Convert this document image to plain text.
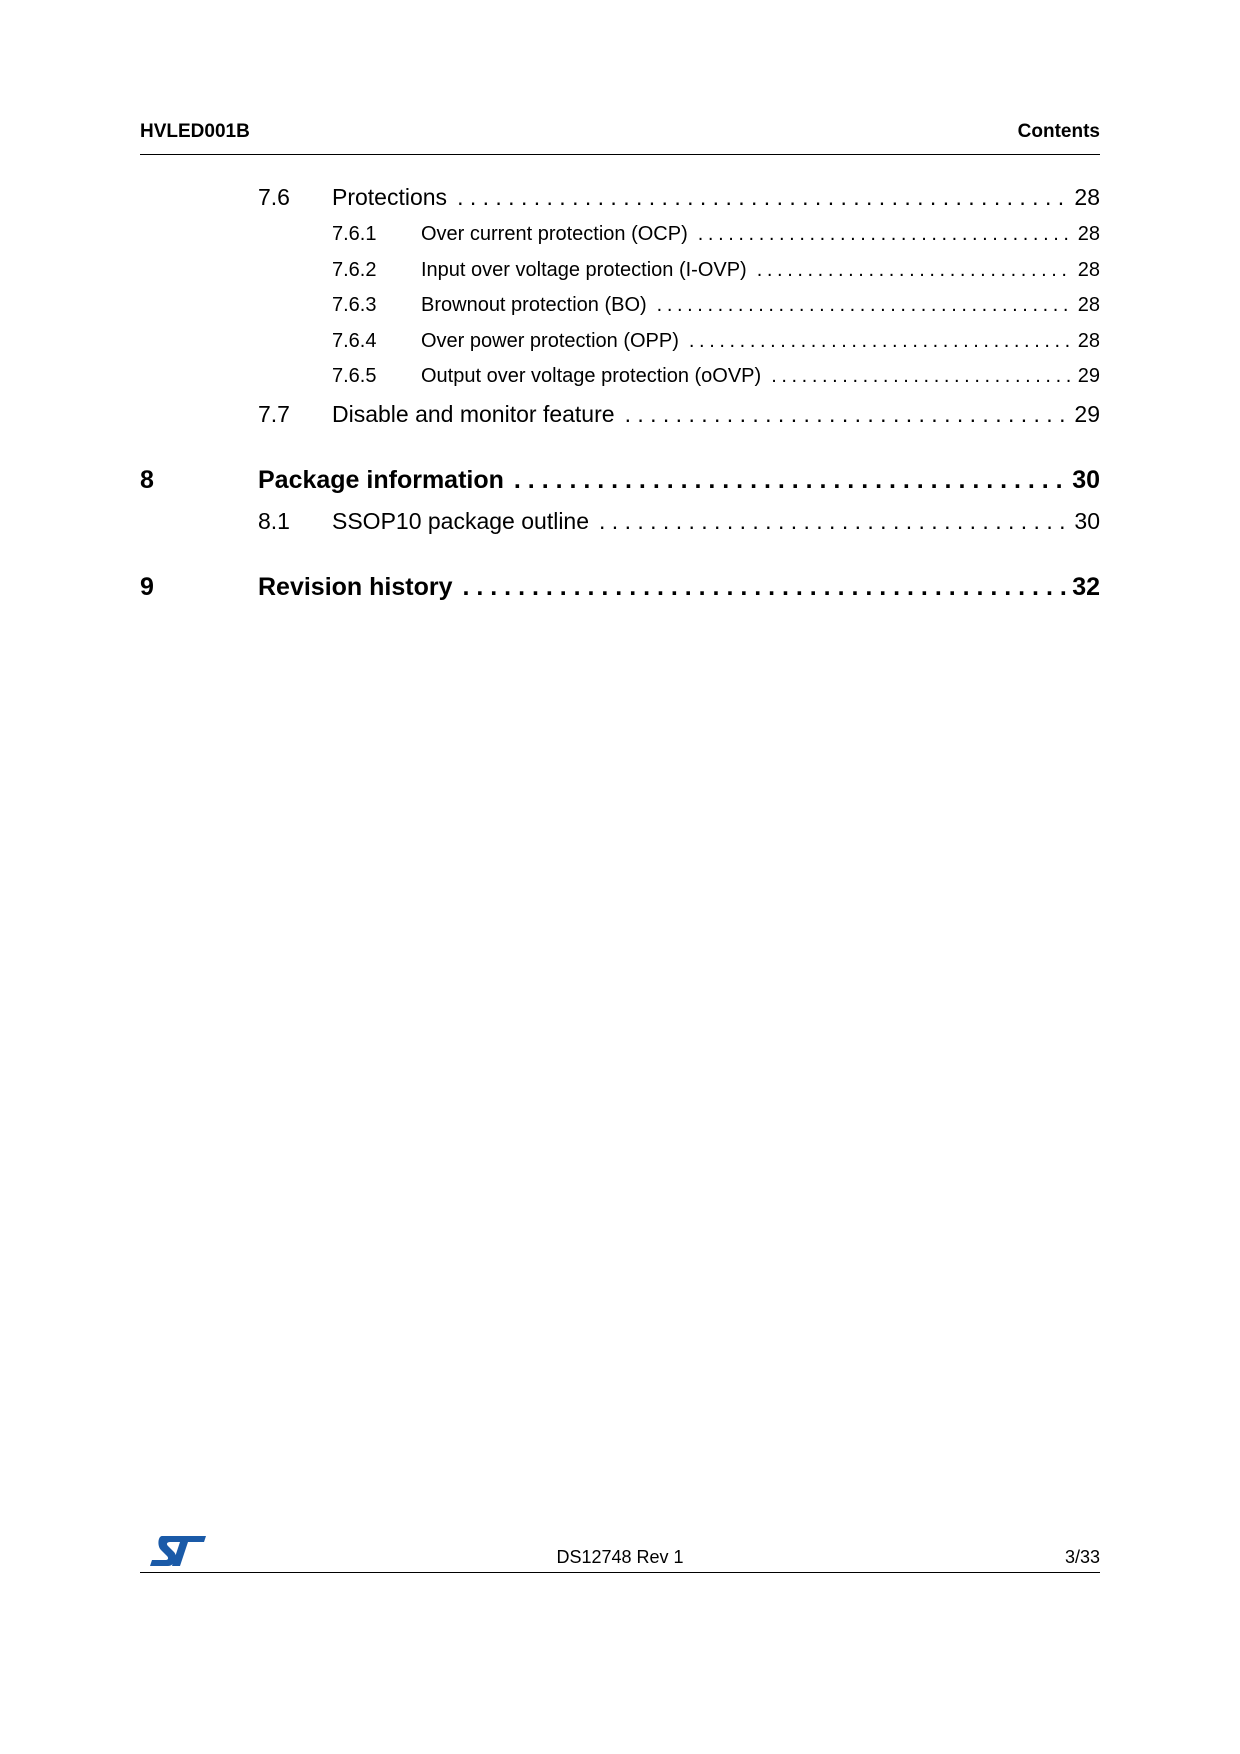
HVLED001B	Contents
7.6	Protections . . .	28
7.6.1	Over current protection (OCP) .....	28
7.6.2	Input over voltage protection (I-OVP) .....	28
7.6.3	Brownout protection (BO) .....	28
7.6.4	Over power protection (OPP) .....	28
7.6.5	Output over voltage protection (oOVP) .....	29
7.7	Disable and monitor feature . . .	29
8	Package information . . .	30
8.1	SSOP10 package outline . . .	30
9	Revision history . . .	32
DS12748 Rev 1	3/33
